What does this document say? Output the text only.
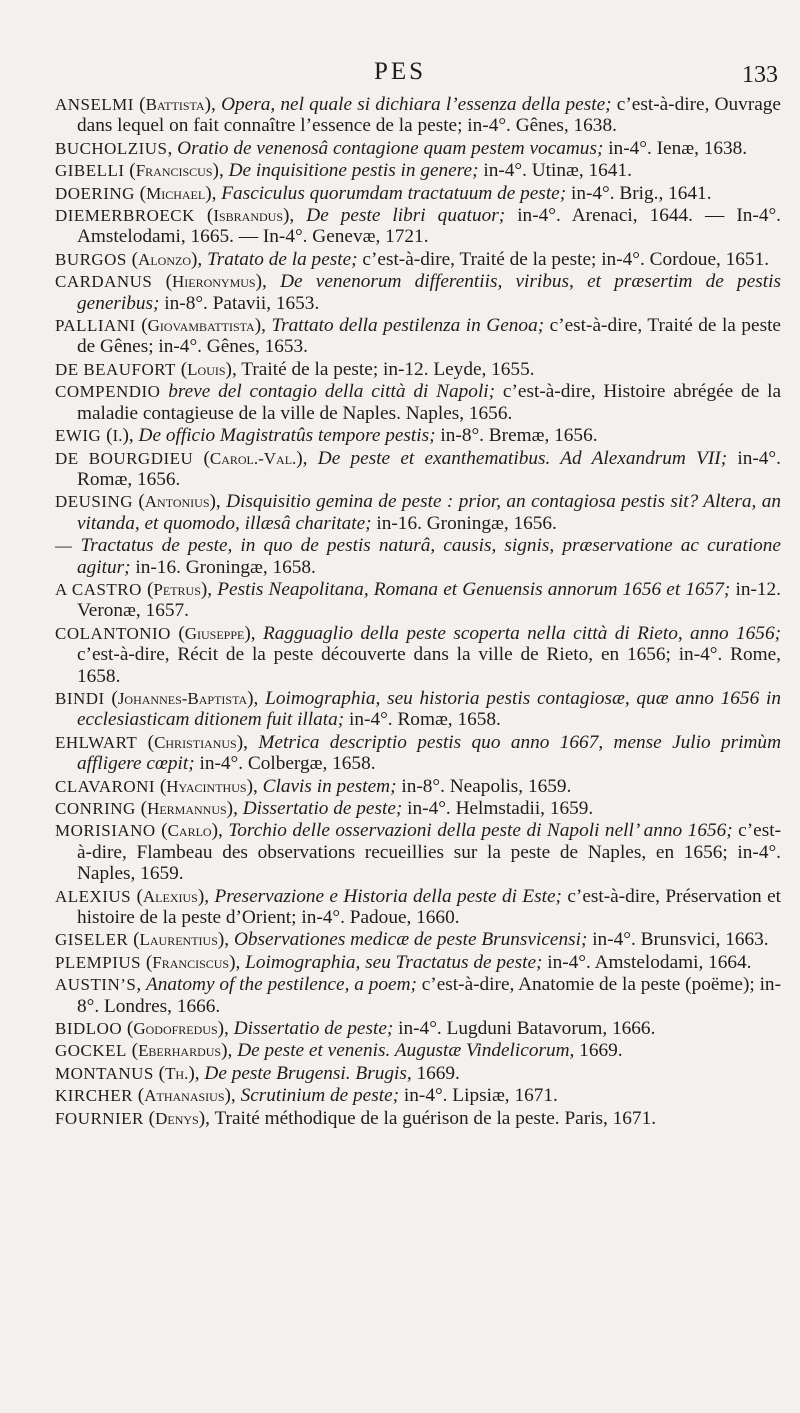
PES	133

ANSELMI (Battista), Opera, nel quale si dichiara l’essenza della peste; c’est-à-dire, Ouvrage dans lequel on fait connaître l’essence de la peste; in-4°. Gênes, 1638.

BUCHOLZIUS, Oratio de venenosâ contagione quam pestem vocamus; in-4°. Ienæ, 1638.

GIBELLI (Franciscus), De inquisitione pestis in genere; in-4°. Utinæ, 1641.

DOERING (Michael), Fasciculus quorumdam tractatuum de peste; in-4°. Brig., 1641.

DIEMERBROECK (Isbrandus), De peste libri quatuor; in-4°. Arenaci, 1644. — In-4°. Amstelodami, 1665. — In-4°. Genevæ, 1721.

BURGOS (Alonzo), Tratato de la peste; c’est-à-dire, Traité de la peste; in-4°. Cordoue, 1651.

CARDANUS (Hieronymus), De venenorum differentiis, viribus, et præsertim de pestis generibus; in-8°. Patavii, 1653.

PALLIANI (Giovambattista), Trattato della pestilenza in Genoa; c’est-à-dire, Traité de la peste de Gênes; in-4°. Gênes, 1653.

DE BEAUFORT (Louis), Traité de la peste; in-12. Leyde, 1655.

COMPENDIO breve del contagio della città di Napoli; c’est-à-dire, Histoire abrégée de la maladie contagieuse de la ville de Naples. Naples, 1656.

EWIG (I.), De officio Magistratûs tempore pestis; in-8°. Bremæ, 1656.

DE BOURGDIEU (Carol.-Val.), De peste et exanthematibus. Ad Alexandrum VII; in-4°. Romæ, 1656.

DEUSING (Antonius), Disquisitio gemina de peste : prior, an contagiosa pestis sit? Altera, an vitanda, et quomodo, illæsâ charitate; in-16. Groningæ, 1656.

— Tractatus de peste, in quo de pestis naturâ, causis, signis, præservatione ac curatione agitur; in-16. Groningæ, 1658.

A CASTRO (Petrus), Pestis Neapolitana, Romana et Genuensis annorum 1656 et 1657; in-12. Veronæ, 1657.

COLANTONIO (Giuseppe), Ragguaglio della peste scoperta nella città di Rieto, anno 1656; c’est-à-dire, Récit de la peste découverte dans la ville de Rieto, en 1656; in-4°. Rome, 1658.

BINDI (Johannes-Baptista), Loimographia, seu historia pestis contagiosæ, quæ anno 1656 in ecclesiasticam ditionem fuit illata; in-4°. Romæ, 1658.

EHLWART (Christianus), Metrica descriptio pestis quo anno 1667, mense Julio primùm affligere cœpit; in-4°. Colbergæ, 1658.

CLAVARONI (Hyacinthus), Clavis in pestem; in-8°. Neapolis, 1659.

CONRING (Hermannus), Dissertatio de peste; in-4°. Helmstadii, 1659.

MORISIANO (Carlo), Torchio delle osservazioni della peste di Napoli nell’ anno 1656; c’est-à-dire, Flambeau des observations recueillies sur la peste de Naples, en 1656; in-4°. Naples, 1659.

ALEXIUS (Alexius), Preservazione e Historia della peste di Este; c’est-à-dire, Préservation et histoire de la peste d’Orient; in-4°. Padoue, 1660.

GISELER (Laurentius), Observationes medicæ de peste Brunsvicensi; in-4°. Brunsvici, 1663.

PLEMPIUS (Franciscus), Loimographia, seu Tractatus de peste; in-4°. Amstelodami, 1664.

AUSTIN’S, Anatomy of the pestilence, a poem; c’est-à-dire, Anatomie de la peste (poëme); in-8°. Londres, 1666.

BIDLOO (Godofredus), Dissertatio de peste; in-4°. Lugduni Batavorum, 1666.

GOCKEL (Eberhardus), De peste et venenis. Augustæ Vindelicorum, 1669.

MONTANUS (Th.), De peste Brugensi. Brugis, 1669.

KIRCHER (Athanasius), Scrutinium de peste; in-4°. Lipsiæ, 1671.

FOURNIER (Denys), Traité méthodique de la guérison de la peste. Paris, 1671.
